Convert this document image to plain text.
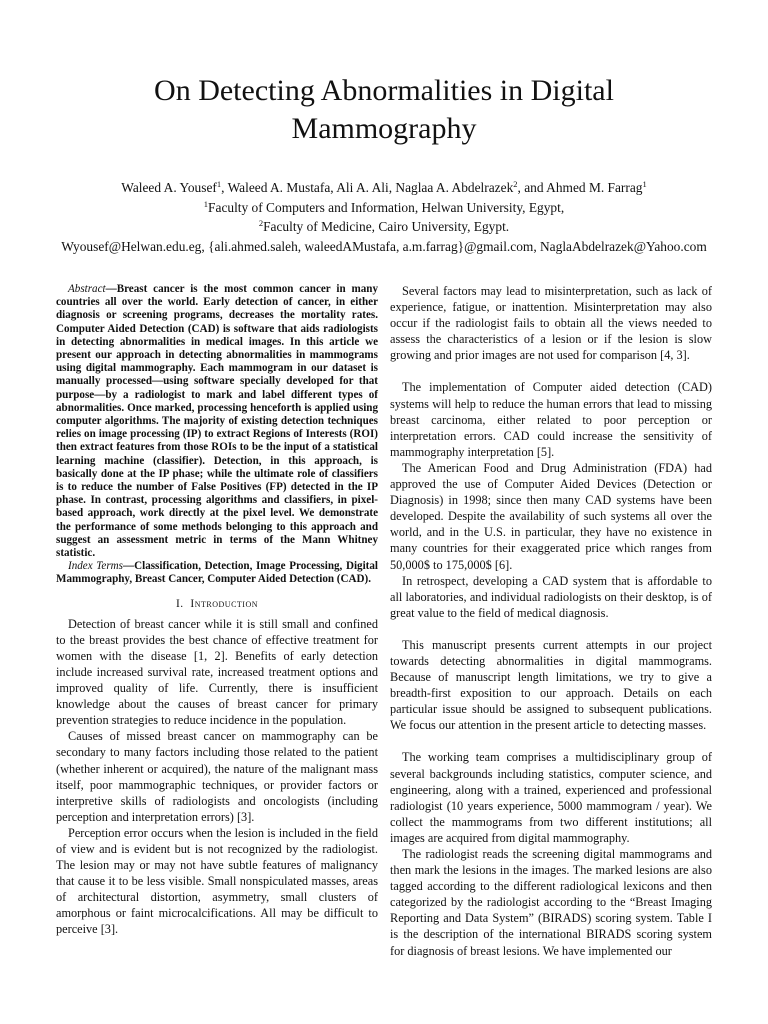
On Detecting Abnormalities in Digital Mammography
Waleed A. Yousef$^1$, Waleed A. Mustafa, Ali A. Ali, Naglaa A. Abdelrazek$^2$, and Ahmed M. Farrag$^1$
$^1$Faculty of Computers and Information, Helwan University, Egypt,
$^2$Faculty of Medicine, Cairo University, Egypt.
Wyousef@Helwan.edu.eg, {ali.ahmed.saleh, waleedAMustafa, a.m.farrag}@gmail.com, NaglaAbdelrazek@Yahoo.com

Abstract—Breast cancer is the most common cancer in many countries all over the world. Early detection of cancer, in either diagnosis or screening programs, decreases the mortality rates. Computer Aided Detection (CAD) is software that aids radiologists in detecting abnormalities in medical images. In this article we present our approach in detecting abnormalities in mammograms using digital mammography. Each mammogram in our dataset is manually processed—using software specially developed for that purpose—by a radiologist to mark and label different types of abnormalities. Once marked, processing henceforth is applied using computer algorithms. The majority of existing detection techniques relies on image processing (IP) to extract Regions of Interests (ROI) then extract features from those ROIs to be the input of a statistical learning machine (classifier). Detection, in this approach, is basically done at the IP phase; while the ultimate role of classifiers is to reduce the number of False Positives (FP) detected in the IP phase. In contrast, processing algorithms and classifiers, in pixel-based approach, work directly at the pixel level. We demonstrate the performance of some methods belonging to this approach and suggest an assessment metric in terms of the Mann Whitney statistic.

Index Terms—Classification, Detection, Image Processing, Digital Mammography, Breast Cancer, Computer Aided Detection (CAD).

I. Introduction

Detection of breast cancer while it is still small and confined to the breast provides the best chance of effective treatment for women with the disease [1, 2]. Benefits of early detection include increased survival rate, increased treatment options and improved quality of life. Currently, there is insufficient knowledge about the causes of breast cancer for primary prevention strategies to reduce incidence in the population.

Causes of missed breast cancer on mammography can be secondary to many factors including those related to the patient (whether inherent or acquired), the nature of the malignant mass itself, poor mammographic techniques, or provider factors or interpretive skills of radiologists and oncologists (including perception and interpretation errors) [3].

Perception error occurs when the lesion is included in the field of view and is evident but is not recognized by the radiologist. The lesion may or may not have subtle features of malignancy that cause it to be less visible. Small nonspiculated masses, areas of architectural distortion, asymmetry, small clusters of amorphous or faint microcalcifications. All may be difficult to perceive [3].

Several factors may lead to misinterpretation, such as lack of experience, fatigue, or inattention. Misinterpretation may also occur if the radiologist fails to obtain all the views needed to assess the characteristics of a lesion or if the lesion is slow growing and prior images are not used for comparison [4, 3].

The implementation of Computer aided detection (CAD) systems will help to reduce the human errors that lead to missing breast carcinoma, either related to poor perception or interpretation errors. CAD could increase the sensitivity of mammography interpretation [5].

The American Food and Drug Administration (FDA) had approved the use of Computer Aided Devices (Detection or Diagnosis) in 1998; since then many CAD systems have been developed. Despite the availability of such systems all over the world, and in the U.S. in particular, they have no existence in many countries for their exaggerated price which ranges from 50,000$ to 175,000$ [6].

In retrospect, developing a CAD system that is affordable to all laboratories, and individual radiologists on their desktop, is of great value to the field of medical diagnosis.

This manuscript presents current attempts in our project towards detecting abnormalities in digital mammograms. Because of manuscript length limitations, we try to give a breadth-first exposition to our approach. Details on each particular issue should be assigned to subsequent publications. We focus our attention in the present article to detecting masses.

The working team comprises a multidisciplinary group of several backgrounds including statistics, computer science, and engineering, along with a trained, experienced and professional radiologist (10 years experience, 5000 mammogram / year). We collect the mammograms from two different institutions; all images are acquired from digital mammography.

The radiologist reads the screening digital mammograms and then mark the lesions in the images. The marked lesions are also tagged according to the different radiological lexicons and then categorized by the radiologist according to the “Breast Imaging Reporting and Data System” (BIRADS) scoring system. Table I is the description of the international BIRADS scoring system for diagnosis of breast lesions. We have implemented our
